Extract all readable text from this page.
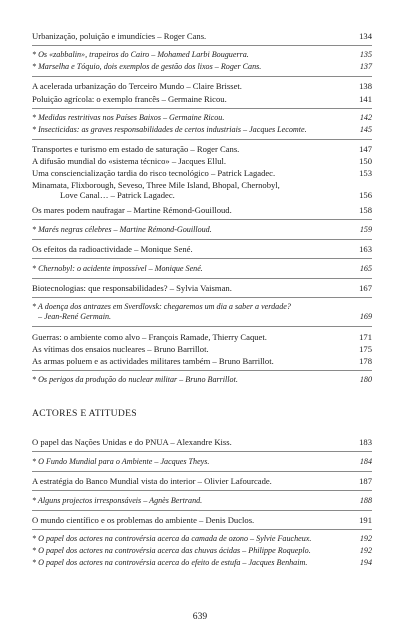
Urbanização, poluição e imundícies – Roger Cans.	134
* Os «zabbalin», trapeiros do Cairo – Mohamed Larbi Bouguerra.	135
* Marselha e Tóquio, dois exemplos de gestão dos lixos – Roger Cans.	137
A acelerada urbanização do Terceiro Mundo – Claire Brisset.	138
Poluição agrícola: o exemplo francês – Germaine Ricou.	141
* Medidas restritivas nos Países Baixos – Germaine Ricou.	142
* Insecticidas: as graves responsabilidades de certos industriais – Jacques Lecomte.	145
Transportes e turismo em estado de saturação – Roger Cans.	147
A difusão mundial do «sistema técnico» – Jacques Ellul.	150
Uma consciencialização tardia do risco tecnológico – Patrick Lagadec.	153
Minamata, Flixborough, Seveso, Three Mile Island, Bhopal, Chernobyl,
Love Canal… – Patrick Lagadec.	156
Os mares podem naufragar – Martine Rémond-Gouilloud.	158
* Marés negras célebres – Martine Rémond-Gouilloud.	159
Os efeitos da radioactividade – Monique Sené.	163
* Chernobyl: o acidente impossível – Monique Sené.	165
Biotecnologias: que responsabilidades? – Sylvia Vaisman.	167
* A doença dos antrazes em Sverdlovsk: chegaremos um dia a saber a verdade?
– Jean-René Germain.	169
Guerras: o ambiente como alvo – François Ramade, Thierry Caquet.	171
As vítimas dos ensaios nucleares – Bruno Barrillot.	175
As armas poluem e as actividades militares também – Bruno Barrillot.	178
* Os perigos da produção do nuclear militar – Bruno Barrillot.	180
ACTORES E ATITUDES
O papel das Nações Unidas e do PNUA – Alexandre Kiss.	183
* O Fundo Mundial para o Ambiente – Jacques Theys.	184
A estratégia do Banco Mundial vista do interior – Olivier Lafourcade.	187
* Alguns projectos irresponsáveis – Agnès Bertrand.	188
O mundo científico e os problemas do ambiente – Denis Duclos.	191
* O papel dos actores na controvérsia acerca da camada de ozono – Sylvie Faucheux.	192
* O papel dos actores na controvérsia acerca das chuvas ácidas – Philippe Roqueplo.	192
* O papel dos actores na controvérsia acerca do efeito de estufa – Jacques Benhaim.	194
639
